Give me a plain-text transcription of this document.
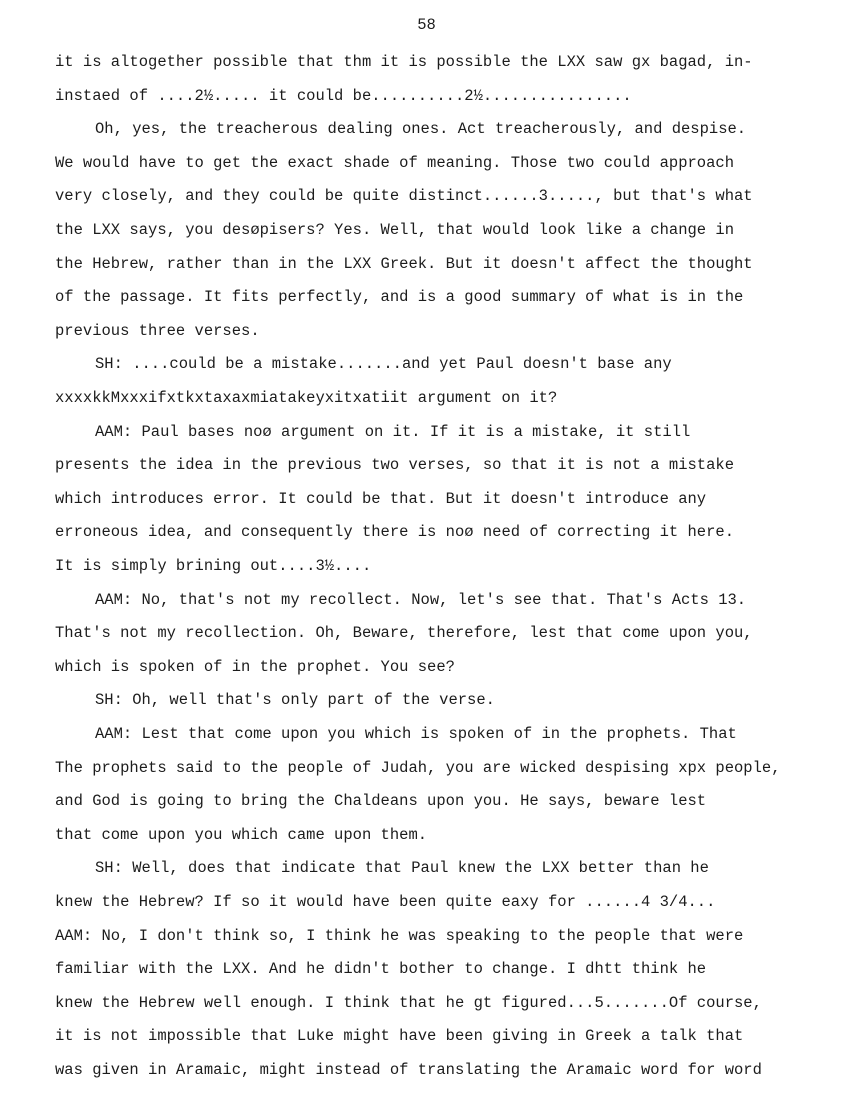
58
it is altogether possible that thm it is possible the LXX saw gx bagad, in-
instaed of ....2½..... it could be..........2½................
Oh, yes, the treacherous dealing ones. Act treacherously, and despise.
We would have to get the exact shade of meaning. Those two could approach
very closely, and they could be quite distinct......3....., but that's what
the LXX says, you desøpisers? Yes. Well, that would look like a change in
the Hebrew, rather than in the LXX Greek. But it doesn't affect the thought
of the passage. It fits perfectly, and is a good summary of what is in the
previous three verses.
SH: ....could be a mistake.......and yet Paul doesn't base any
xxxxkkMxxxifxtkxtaxaxmiatakeyxitxatiit argument on it?
AAM: Paul bases noø argument on it. If it is a mistake, it still
presents the idea in the previous two verses, so that it is not a mistake
which introduces error. It could be that. But it doesn't introduce any
erroneous idea, and consequently there is noø need of correcting it here.
It is simply brining out....3½....
AAM: No, that's not my recollect. Now, let's see that. That's Acts 13.
That's not my recollection. Oh, Beware, therefore, lest that come upon you,
which is spoken of in the prophet. You see?
SH: Oh, well that's only part of the verse.
AAM: Lest that come upon you which is spoken of in the prophets. That
The prophets said to the people of Judah, you are wicked despising xpx people,
and God is going to bring the Chaldeans upon you. He says, beware lest
that come upon you which came upon them.
SH: Well, does that indicate that Paul knew the LXX better than he
knew the Hebrew? If so it would have been quite eaxy for ......4 3/4...
AAM: No, I don't think so, I think he was speaking to the people that were
familiar with the LXX. And he didn't bother to change. I dhtt think he
knew the Hebrew well enough. I think that he gt figured...5.......Of course,
it is not impossible that Luke might have been giving in Greek a talk that
was given in Aramaic, might instead of translating the Aramaic word for word
